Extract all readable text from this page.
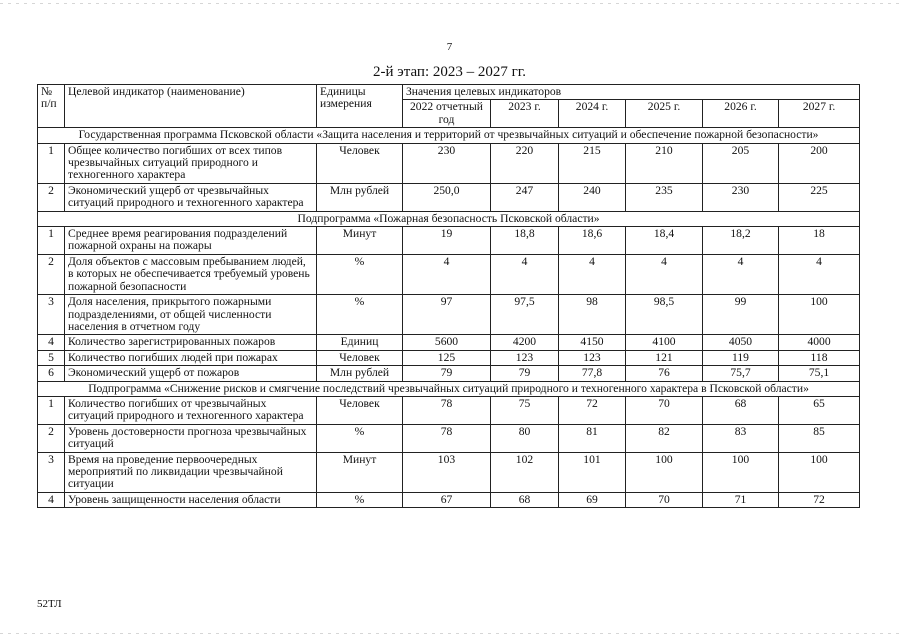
7
2-й этап: 2023 – 2027 гг.
№ п/п	Целевой индикатор (наименование)	Единицы измерения	Значения целевых индикаторов					
			2022 отчетный год	2023 г.	2024 г.	2025 г.	2026 г.	2027 г.
Государственная программа Псковской области «Защита населения и территорий от чрезвычайных ситуаций и обеспечение пожарной безопасности»								
1	Общее количество погибших от всех типов чрезвычайных ситуаций природного и техногенного характера	Человек	230	220	215	210	205	200
2	Экономический ущерб от чрезвычайных ситуаций природного и техногенного характера	Млн рублей	250,0	247	240	235	230	225
Подпрограмма «Пожарная безопасность Псковской области»								
1	Среднее время реагирования подразделений пожарной охраны на пожары	Минут	19	18,8	18,6	18,4	18,2	18
2	Доля объектов с массовым пребыванием людей, в которых не обеспечивается требуемый уровень пожарной безопасности	%	4	4	4	4	4	4
3	Доля населения, прикрытого пожарными подразделениями, от общей численности населения в отчетном году	%	97	97,5	98	98,5	99	100
4	Количество зарегистрированных пожаров	Единиц	5600	4200	4150	4100	4050	4000
5	Количество погибших людей при пожарах	Человек	125	123	123	121	119	118
6	Экономический ущерб от пожаров	Млн рублей	79	79	77,8	76	75,7	75,1
Подпрограмма «Снижение рисков и смягчение последствий чрезвычайных ситуаций природного и техногенного характера в Псковской области»								
1	Количество погибших от чрезвычайных ситуаций природного и техногенного характера	Человек	78	75	72	70	68	65
2	Уровень достоверности прогноза чрезвычайных ситуаций	%	78	80	81	82	83	85
3	Время на проведение первоочередных мероприятий по ликвидации чрезвычайной ситуации	Минут	103	102	101	100	100	100
4	Уровень защищенности населения области	%	67	68	69	70	71	72
52ТЛ
